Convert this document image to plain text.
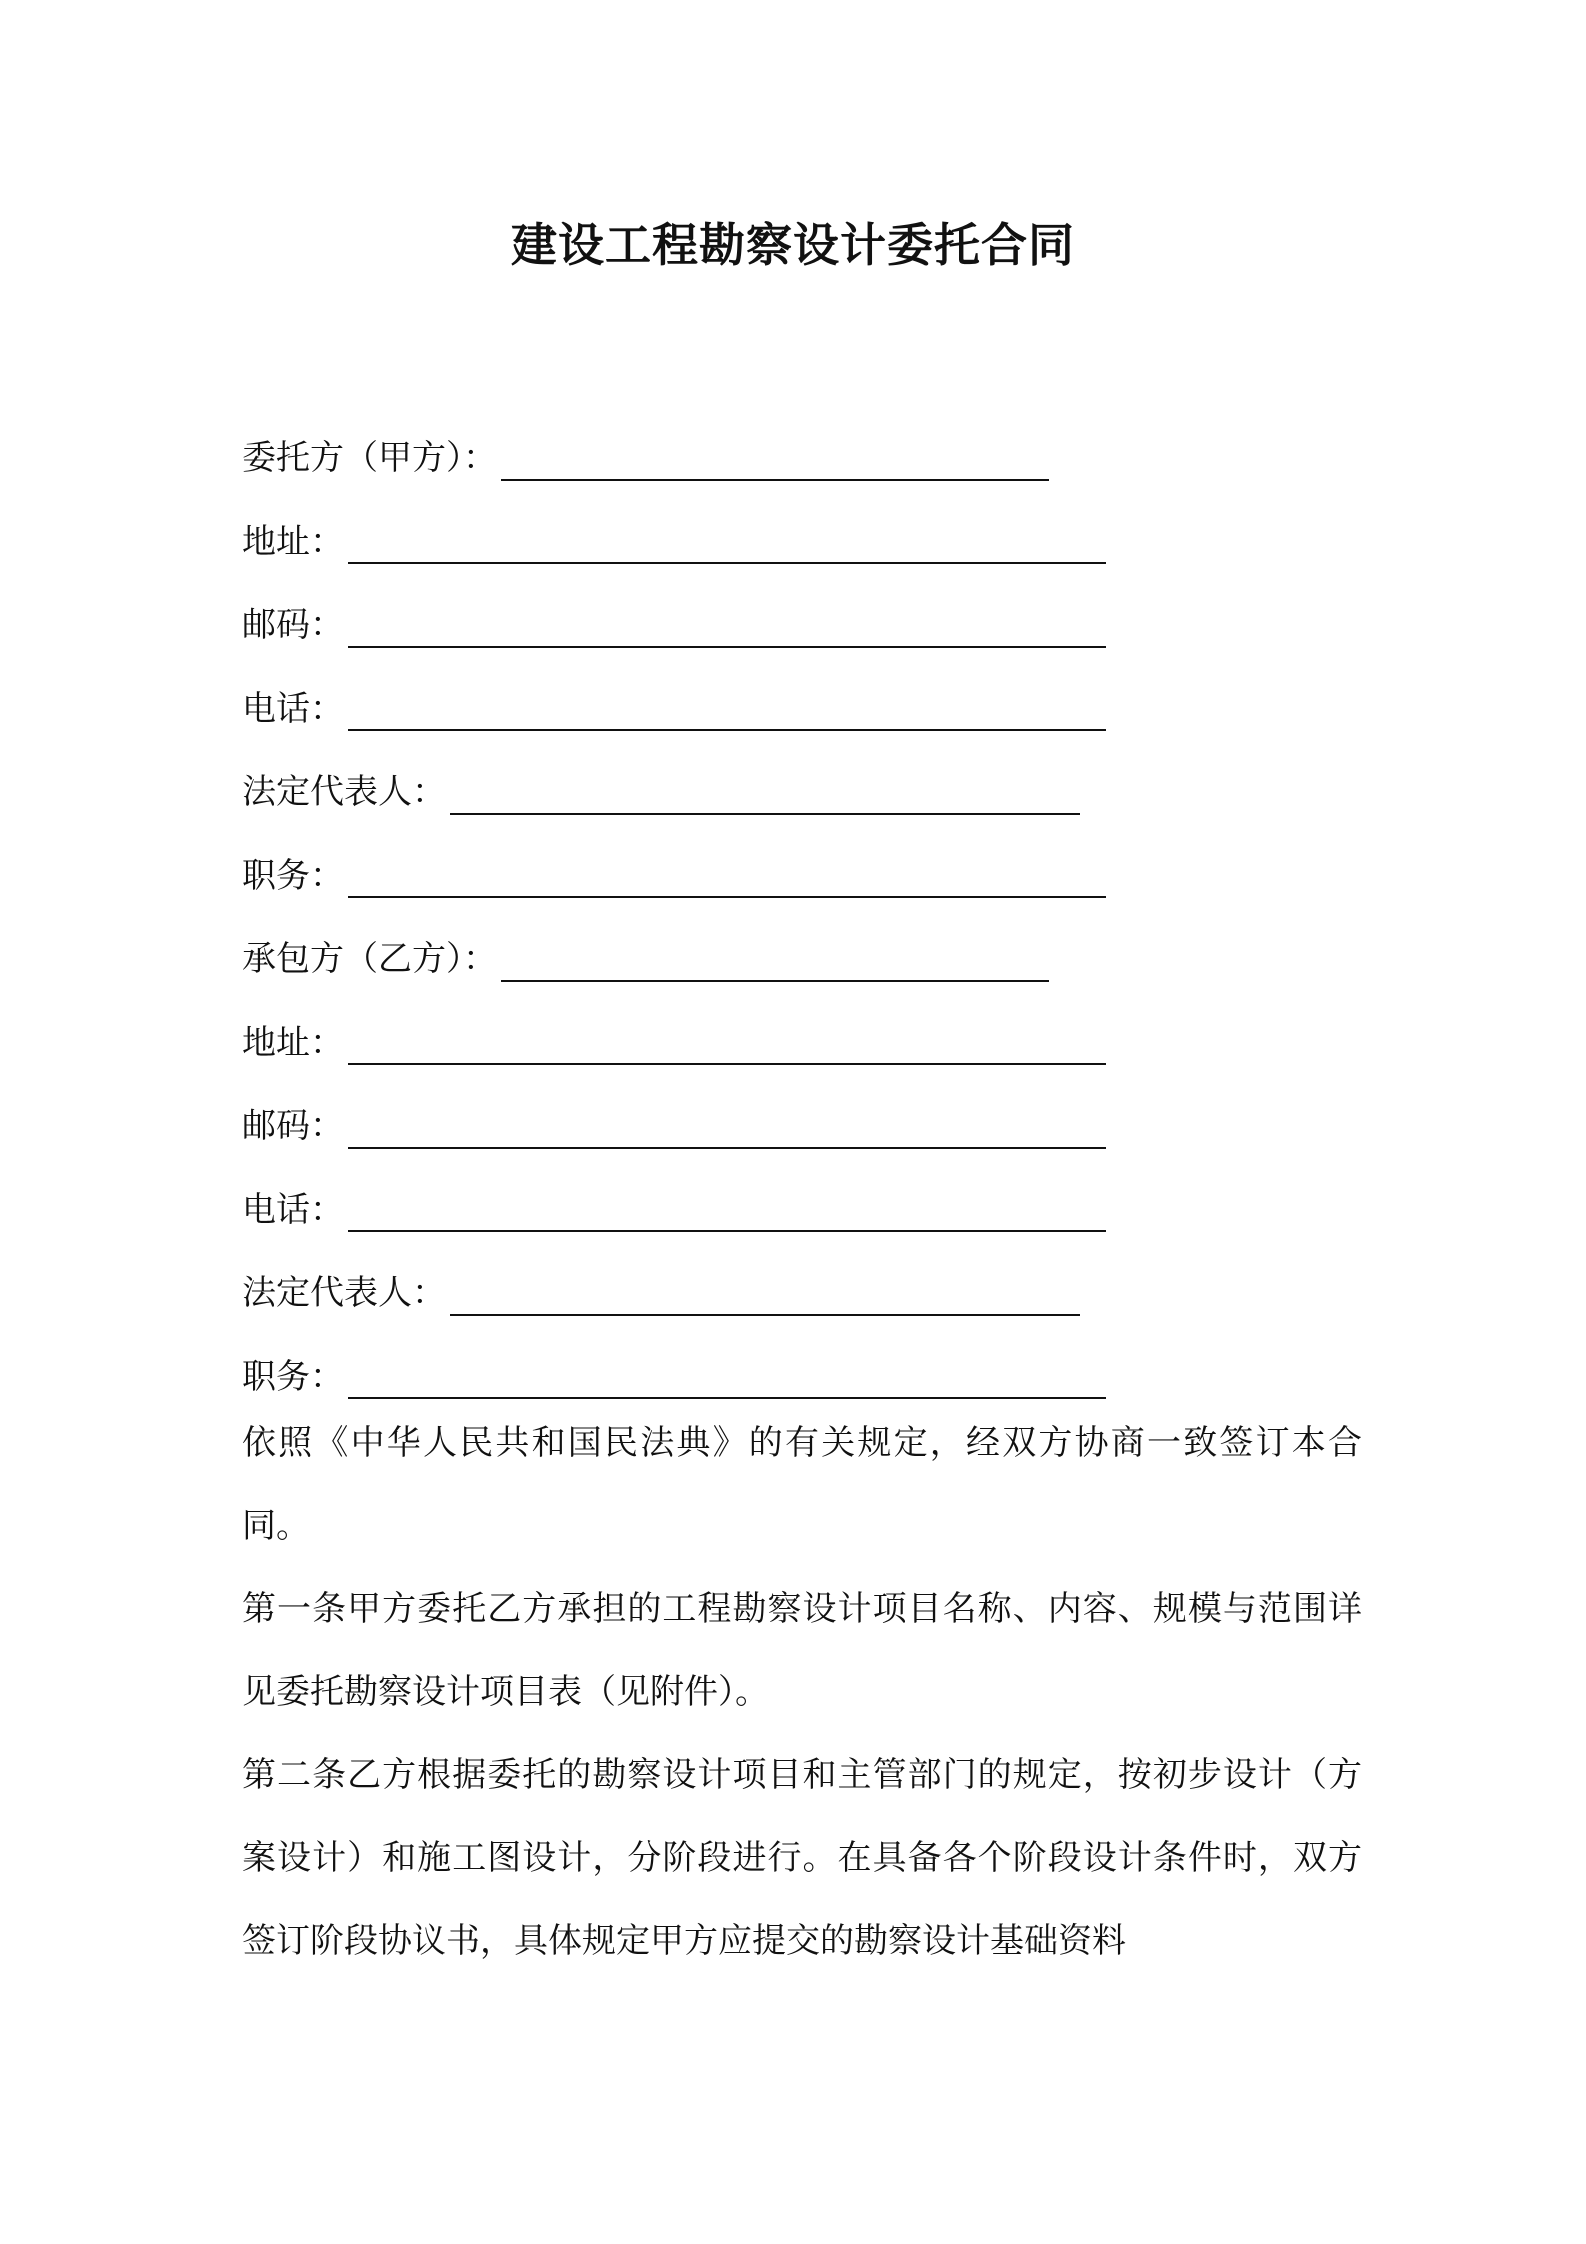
建设工程勘察设计委托合同
委托方（甲方）：
地址：
邮码：
电话：
法定代表人：
职务：
承包方（乙方）：
地址：
邮码：
电话：
法定代表人：
职务：

依照《中华人民共和国民法典》的有关规定，经双方协商一致签订本合同。

第一条甲方委托乙方承担的工程勘察设计项目名称、内容、规模与范围详见委托勘察设计项目表（见附件）。

第二条乙方根据委托的勘察设计项目和主管部门的规定，按初步设计（方案设计）和施工图设计，分阶段进行。在具备各个阶段设计条件时，双方签订阶段协议书，具体规定甲方应提交的勘察设计基础资料
